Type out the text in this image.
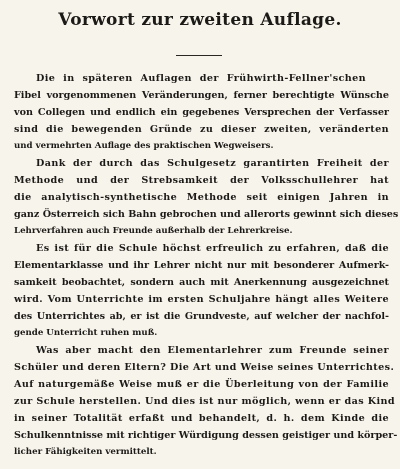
Vorwort zur zweiten Auflage.
Die in späteren Auflagen der Frühwirth-Fellner'schen
Fibel vorgenommenen Veränderungen, ferner berechtigte Wünsche
von Collegen und endlich ein gegebenes Versprechen der Verfasser
sind die bewegenden Gründe zu dieser zweiten, veränderten
und vermehrten Auflage des praktischen Wegweisers.
Dank der durch das Schulgesetz garantirten Freiheit der
Methode und der Strebsamkeit der Volksschullehrer hat
die analytisch-synthetische Methode seit einigen Jahren in
ganz Österreich sich Bahn gebrochen und allerorts gewinnt sich dieses
Lehrverfahren auch Freunde außerhalb der Lehrerkreise.
Es ist für die Schule höchst erfreulich zu erfahren, daß die
Elementarklasse und ihr Lehrer nicht nur mit besonderer Aufmerk-
samkeit beobachtet, sondern auch mit Anerkennung ausgezeichnet
wird. Vom Unterrichte im ersten Schuljahre hängt alles Weitere
des Unterrichtes ab, er ist die Grundveste, auf welcher der nachfol-
gende Unterricht ruhen muß.
Was aber macht den Elementarlehrer zum Freunde seiner
Schüler und deren Eltern? Die Art und Weise seines Unterrichtes.
Auf naturgemäße Weise muß er die Überleitung von der Familie
zur Schule herstellen. Und dies ist nur möglich, wenn er das Kind
in seiner Totalität erfaßt und behandelt, d. h. dem Kinde die
Schulkenntnisse mit richtiger Würdigung dessen geistiger und körper-
licher Fähigkeiten vermittelt.
